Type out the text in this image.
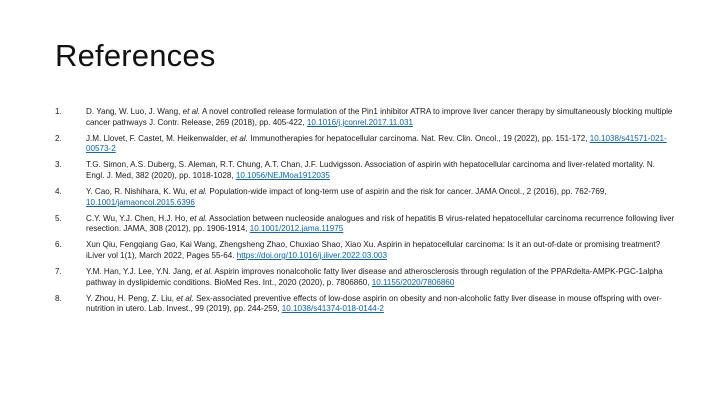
References
1.	D. Yang, W. Luo, J. Wang, et al. A novel controlled release formulation of the Pin1 inhibitor ATRA to improve liver cancer therapy by simultaneously blocking multiple cancer pathways J. Contr. Release, 269 (2018), pp. 405-422, 10.1016/j.jconrel.2017.11.031
2.	J.M. Llovet, F. Castet, M. Heikenwalder, et al. Immunotherapies for hepatocellular carcinoma. Nat. Rev. Clin. Oncol., 19 (2022), pp. 151-172, 10.1038/s41571-021-00573-2
3.	T.G. Simon, A.S. Duberg, S. Aleman, R.T. Chung, A.T. Chan, J.F. Ludvigsson. Association of aspirin with hepatocellular carcinoma and liver-related mortality. N. Engl. J. Med, 382 (2020), pp. 1018-1028, 10.1056/NEJMoa1912035
4.	Y. Cao, R. Nishihara, K. Wu, et al. Population-wide impact of long-term use of aspirin and the risk for cancer. JAMA Oncol., 2 (2016), pp. 762-769, 10.1001/jamaoncol.2015.6396
5.	C.Y. Wu, Y.J. Chen, H.J. Ho, et al. Association between nucleoside analogues and risk of hepatitis B virus-related hepatocellular carcinoma recurrence following liver resection. JAMA, 308 (2012), pp. 1906-1914, 10.1001/2012.jama.11975
6.	Xun Qiu, Fengqiang Gao, Kai Wang, Zhengsheng Zhao, Chuxiao Shao, Xiao Xu. Aspirin in hepatocellular carcinoma: Is it an out-of-date or promising treatment? iLiver vol 1(1), March 2022, Pages 55-64. https://doi.org/10.1016/j.iliver.2022.03.003
7.	Y.M. Han, Y.J. Lee, Y.N. Jang, et al. Aspirin improves nonalcoholic fatty liver disease and atherosclerosis through regulation of the PPARdelta-AMPK-PGC-1alpha pathway in dyslipidemic conditions. BioMed Res. Int., 2020 (2020), p. 7806860, 10.1155/2020/7806860
8.	Y. Zhou, H. Peng, Z. Liu, et al. Sex-associated preventive effects of low-dose aspirin on obesity and non-alcoholic fatty liver disease in mouse offspring with over-nutrition in utero. Lab. Invest., 99 (2019), pp. 244-259, 10.1038/s41374-018-0144-2
